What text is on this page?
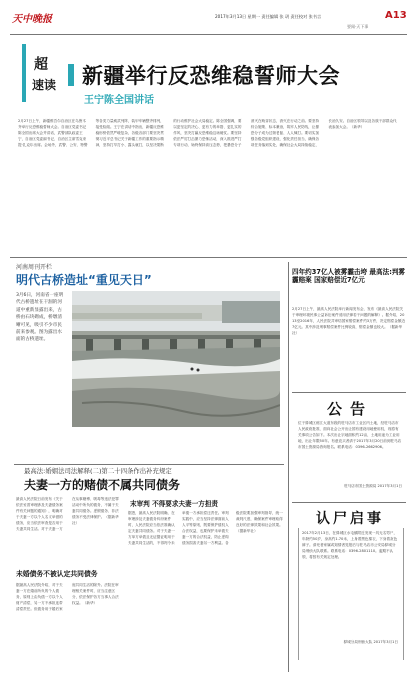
天中晚报	2017年3月13日 星期一 责任编辑 张 玥 责任校对 张书言	A13
要闻·天下事
超
速读 新疆举行反恐维稳誓师大会
王宁陈全国讲话
2月27日上午，新疆维吾尔自治区在乌鲁木齐举行反恐维稳誓师大会。自治区党委书记陈全国出席大会并讲话，武警部队政委王宁，自治区党委副书记、自治区主席雪克来提·扎克尔出席。会场外，武警、公安、特警等各类力量威武列阵，装甲车辆整齐排列，接受检阅。王宁在讲话中指出，新疆反恐维稳形势依然严峻复杂，各级各部门要坚决贯彻习近平总书记关于新疆工作的重要指示精神，坚持打早打小、露头就打，以坚决果断的行动维护社会大局稳定。陈全国强调，要以更坚定的决心、更有力的举措、更扎实的作风，坚决打赢反恐维稳这场硬仗。要坚持依法严厉打击暴力恐怖活动，深入推进严打专项行动，始终保持高压态势，把暴恐分子消灭在萌芽状态，消灭在行动之前。要坚持综合施策、标本兼治，筑牢人民防线，让暴恐分子成为过街老鼠、人人喊打。要切实加强各级党组织建设，强化责任担当，确保各项任务落到实处，确保社会大局持续稳定、长治久安。自治区领导以及各族干部群众代表参加大会。（新华）
河南周刊开栏
明代古桥造址“重见天日”
3月6日，河南省一座明代古桥遗址在干涸的河道中重新显露出来，古桥由石块砌成，桥墩清晰可见，吸引不少市民前来参观。图为露出水面的古桥遗址。
四年约37亿人被雾霾击垮 最高法:判雾霾赔案 国家赔偿近7亿元
2月27日上午，最高人民法院举行新闻发布会，发布《最高人民法院关于审理环境民事公益诉讼案件适用法律若干问题的解释》。据介绍，2013至2016年，人民法院共审结国家赔偿案件约3万件，决定赔偿金额近7亿元。其中涉及刑事赔偿案件比例较高，赔偿金额也较大。（据新华社）
公告
位于驿城区练江大道东段的驻马店市工业区内土地，经驻马店市人民政府批准，面向社会公开出让国有建设用地使用权，现将有关事项公告如下。本次出让宗地面积约12亩，土地用途为工业用地，出让年限50年。有意竞买者请于2017年3月20日前到驻马店市国土资源局咨询报名。联系电话：0396-2662906。
驻马店市国土资源局 2017年3月1日
认尸启事
2017年2月13日，在驿城区水屯镇附近发现一具无名男尸，年龄约50岁，身高约1.70米，上身着黑色棉衣，下身着灰色裤子。请死者家属或知情者见报后与驻马店市公安局驿城分局刑侦大队联系。联系电话：0396-2801110。逾期不认领，将按有关规定处理。
驿城分局刑侦大队 2017年3月1日
最高法:婚姻法司法解释(二)第二十四条作出补充规定
夫妻一方的赌债不属共同债务
最高人民法院日前发布《关于依法妥善审理涉及夫妻债务案件有关问题的通知》，明确对于夫妻一方以个人名义举借的债务，应当依法审查是否用于夫妻共同生活。对于夫妻一方在从事赌博、吸毒等违法犯罪活动中所负的债务，不属于夫妻共同债务。虚假债务、非法债务不受法律保护。（据新华社）
未婚债务不被认定共同债务
据最高人民法院介绍，对于夫妻一方在婚前所负的个人债务，原则上由负债一方以个人财产清偿，另一方不承担连带清偿责任。但债务用于婚后家庭共同生活的除外。法院在审理相关案件时，应当注意区分，依法保护各方当事人合法权益。（新华）
末审判 不得要求夫妻一方担责
据悉，最高人民法院明确，在审理涉及夫妻债务纠纷案件时，人民法院应当依法准确认定夫妻共同债务。对于夫妻一方单方举债且无证据证明用于夫妻共同生活的，不得判令未举债一方承担偿还责任。审判实践中，应当坚持法律面前人人平等原则，既要保护债权人合法权益，也要保护未举债夫妻一方的合法权益，防止虚构债务损害夫妻另一方利益。各级法院要加强审判指导，统一裁判尺度，确保案件审理取得良好的法律效果和社会效果。（据新华社）
